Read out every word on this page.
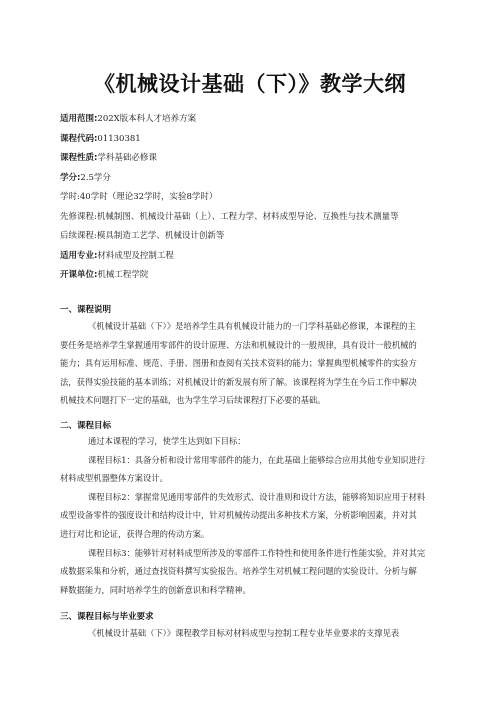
《机械设计基础（下）》教学大纲
适用范围:202X版本科人才培养方案
课程代码:01130381
课程性质:学科基础必修课
学分:2.5学分
学时:40学时（理论32学时，实验8学时）
先修课程:机械制图、机械设计基础（上）、工程力学、材料成型导论、互换性与技术测量等
后续课程:模具制造工艺学、机械设计创新等
适用专业:材料成型及控制工程
开课单位:机械工程学院
一、课程说明
《机械设计基础（下）》是培养学生具有机械设计能力的一门学科基础必修课，本课程的主
要任务是培养学生掌握通用零部件的设计原理、方法和机械设计的一般规律，具有设计一般机械的
能力；具有运用标准、规范、手册、图册和查阅有关技术资料的能力；掌握典型机械零件的实验方
法，获得实验技能的基本训练；对机械设计的新发展有所了解。该课程将为学生在今后工作中解决
机械技术问题打下一定的基础，也为学生学习后续课程打下必要的基础。
二、课程目标
通过本课程的学习，使学生达到如下目标：
课程目标1：具备分析和设计常用零部件的能力，在此基础上能够综合应用其他专业知识进行
材料成型机器整体方案设计。
课程目标2：掌握常见通用零部件的失效形式、设计准则和设计方法，能够将知识应用于材料
成型设备零件的强度设计和结构设计中，针对机械传动提出多种技术方案，分析影响因素，并对其
进行对比和论证，获得合理的传动方案。
课程目标3：能够针对材料成型所涉及的零部件工作特性和使用条件进行性能实验，并对其完
成数据采集和分析，通过查找资料撰写实验报告。培养学生对机械工程问题的实验设计、分析与解
释数据能力，同时培养学生的创新意识和科学精神。
三、课程目标与毕业要求
《机械设计基础（下）》课程教学目标对材料成型与控制工程专业毕业要求的支撑见表
